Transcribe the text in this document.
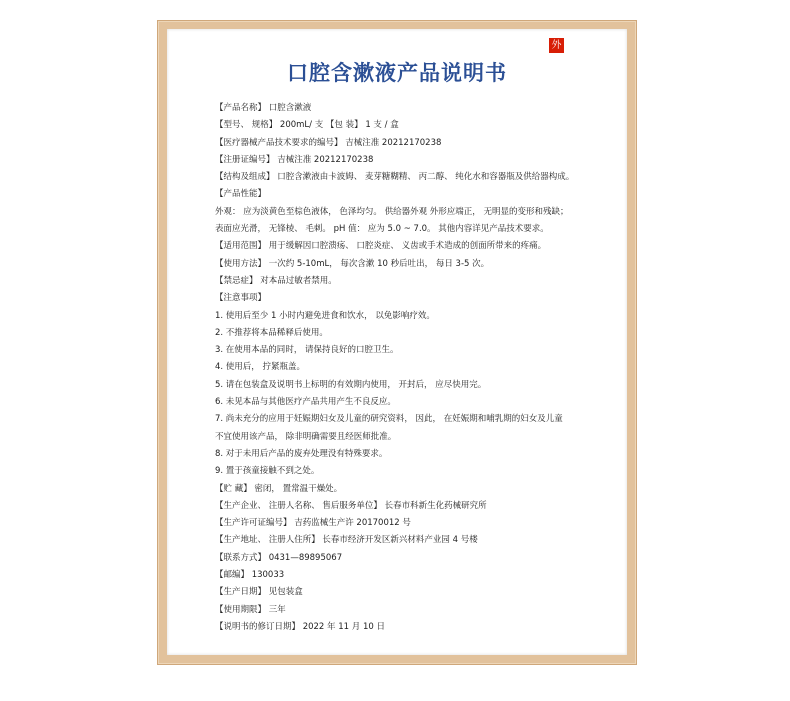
口腔含漱液产品说明书
外
【产品名称】 口腔含漱液
【型号、 规格】 200mL/ 支 【包 装】 1 支 / 盒
【医疗器械产品技术要求的编号】 吉械注准 20212170238
【注册证编号】 吉械注准 20212170238
【结构及组成】 口腔含漱液由卡波姆、 麦芽糖糊精、 丙二醇、 纯化水和容器瓶及供给器构成。
【产品性能】
外观： 应为淡黄色至棕色液体， 色泽均匀。 供给器外观 外形应端正， 无明显的变形和残缺；
表面应光滑， 无锋棱、 毛刺。 pH 值： 应为 5.0 ~ 7.0。 其他内容详见产品技术要求。
【适用范围】 用于缓解因口腔溃疡、 口腔炎症、 义齿或手术造成的创面所带来的疼痛。
【使用方法】 一次约 5-10mL， 每次含漱 10 秒后吐出， 每日 3-5 次。
【禁忌症】 对本品过敏者禁用。
【注意事项】
1. 使用后至少 1 小时内避免进食和饮水， 以免影响疗效。
2. 不推荐将本品稀释后使用。
3. 在使用本品的同时， 请保持良好的口腔卫生。
4. 使用后， 拧紧瓶盖。
5. 请在包装盒及说明书上标明的有效期内使用， 开封后， 应尽快用完。
6. 未见本品与其他医疗产品共用产生不良反应。
7. 尚未充分的应用于妊娠期妇女及儿童的研究资料， 因此， 在妊娠期和哺乳期的妇女及儿童
不宜使用该产品， 除非明确需要且经医师批准。
8. 对于未用后产品的废弃处理没有特殊要求。
9. 置于孩童接触不到之处。
【贮 藏】 密闭， 置常温干燥处。
【生产企业、 注册人名称、 售后服务单位】 长春市科新生化药械研究所
【生产许可证编号】 吉药监械生产许 20170012 号
【生产地址、 注册人住所】 长春市经济开发区新兴材料产业园 4 号楼
【联系方式】 0431—89895067
【邮编】 130033
【生产日期】 见包装盒
【使用期限】 三年
【说明书的修订日期】 2022 年 11 月 10 日
